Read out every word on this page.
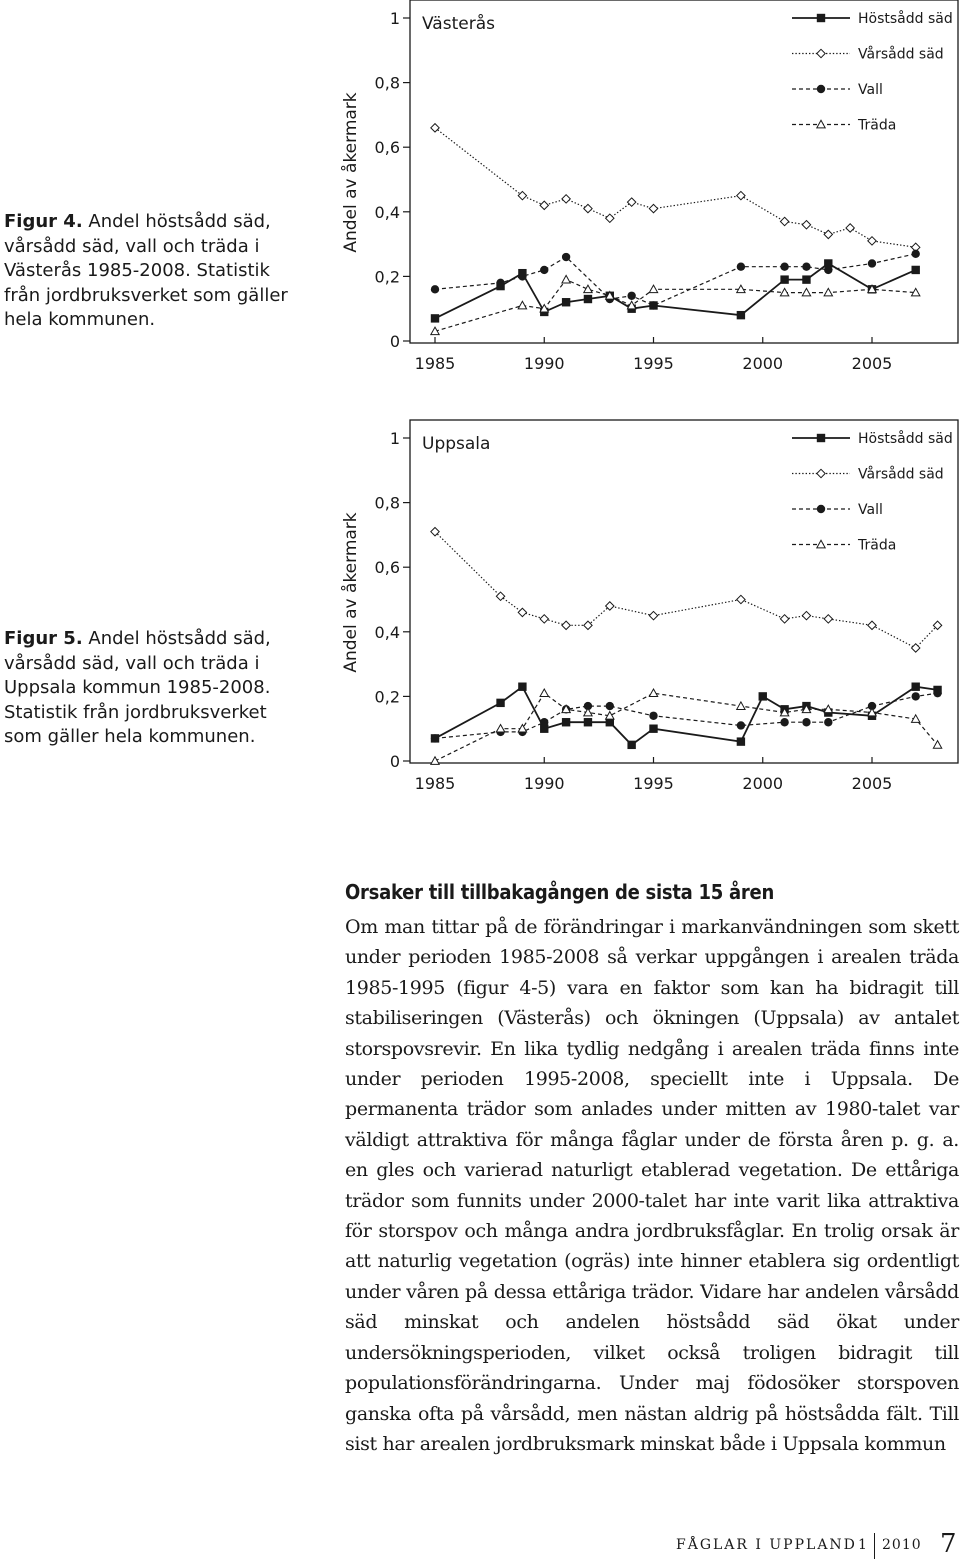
Figur 4. Andel höstsådd säd, vårsådd säd, vall och träda i Västerås 1985-2008. Statistik från jordbruksverket som gäller hela kommunen.
Figur 5. Andel höstsådd säd, vårsådd säd, vall och träda i Uppsala kommun 1985-2008. Statistik från jordbruksverket som gäller hela kommunen.
0
0,2
0,4
0,6
0,8
1
1985	1990	1995	2000	2005
Andel av åkermark
Västerås	Höstsådd säd
Vårsådd säd
Vall
Träda
0
0,2
0,4
0,6
0,8
1
1985	1990	1995	2000	2005
Andel av åkermark
Uppsala	Höstsådd säd
Vårsådd säd
Vall
Träda
Orsaker till tillbakagången de sista 15 åren

Om man tittar på de förändringar i markanvändningen som skett under perioden 1985-2008 så verkar uppgången i arealen träda 1985-1995 (figur 4-5) vara en faktor som kan ha bidragit till stabiliseringen (Västerås) och ökningen (Uppsala) av antalet storspovsrevir. En lika tydlig nedgång i arealen träda finns inte under perioden 1995-2008, speciellt inte i Uppsala. De permanenta trädor som anlades under mitten av 1980-talet var väldigt attraktiva för många fåglar under de första åren p. g. a. en gles och varierad naturligt etablerad vegetation. De ettåriga trädor som funnits under 2000-talet har inte varit lika attraktiva för storspov och många andra jordbruksfåglar. En trolig orsak är att naturlig vegetation (ogräs) inte hinner etablera sig ordentligt under våren på dessa ettåriga trädor. Vidare har andelen vårsådd säd minskat och andelen höstsådd säd ökat under undersökningsperioden, vilket också troligen bidragit till populationsförändringarna. Under maj födosöker storspoven ganska ofta på vårsådd, men nästan aldrig på höstsådda fält. Till sist har arealen jordbruksmark minskat både i Uppsala kommun

FÅGLAR I UPPLAND 1 2010 7
